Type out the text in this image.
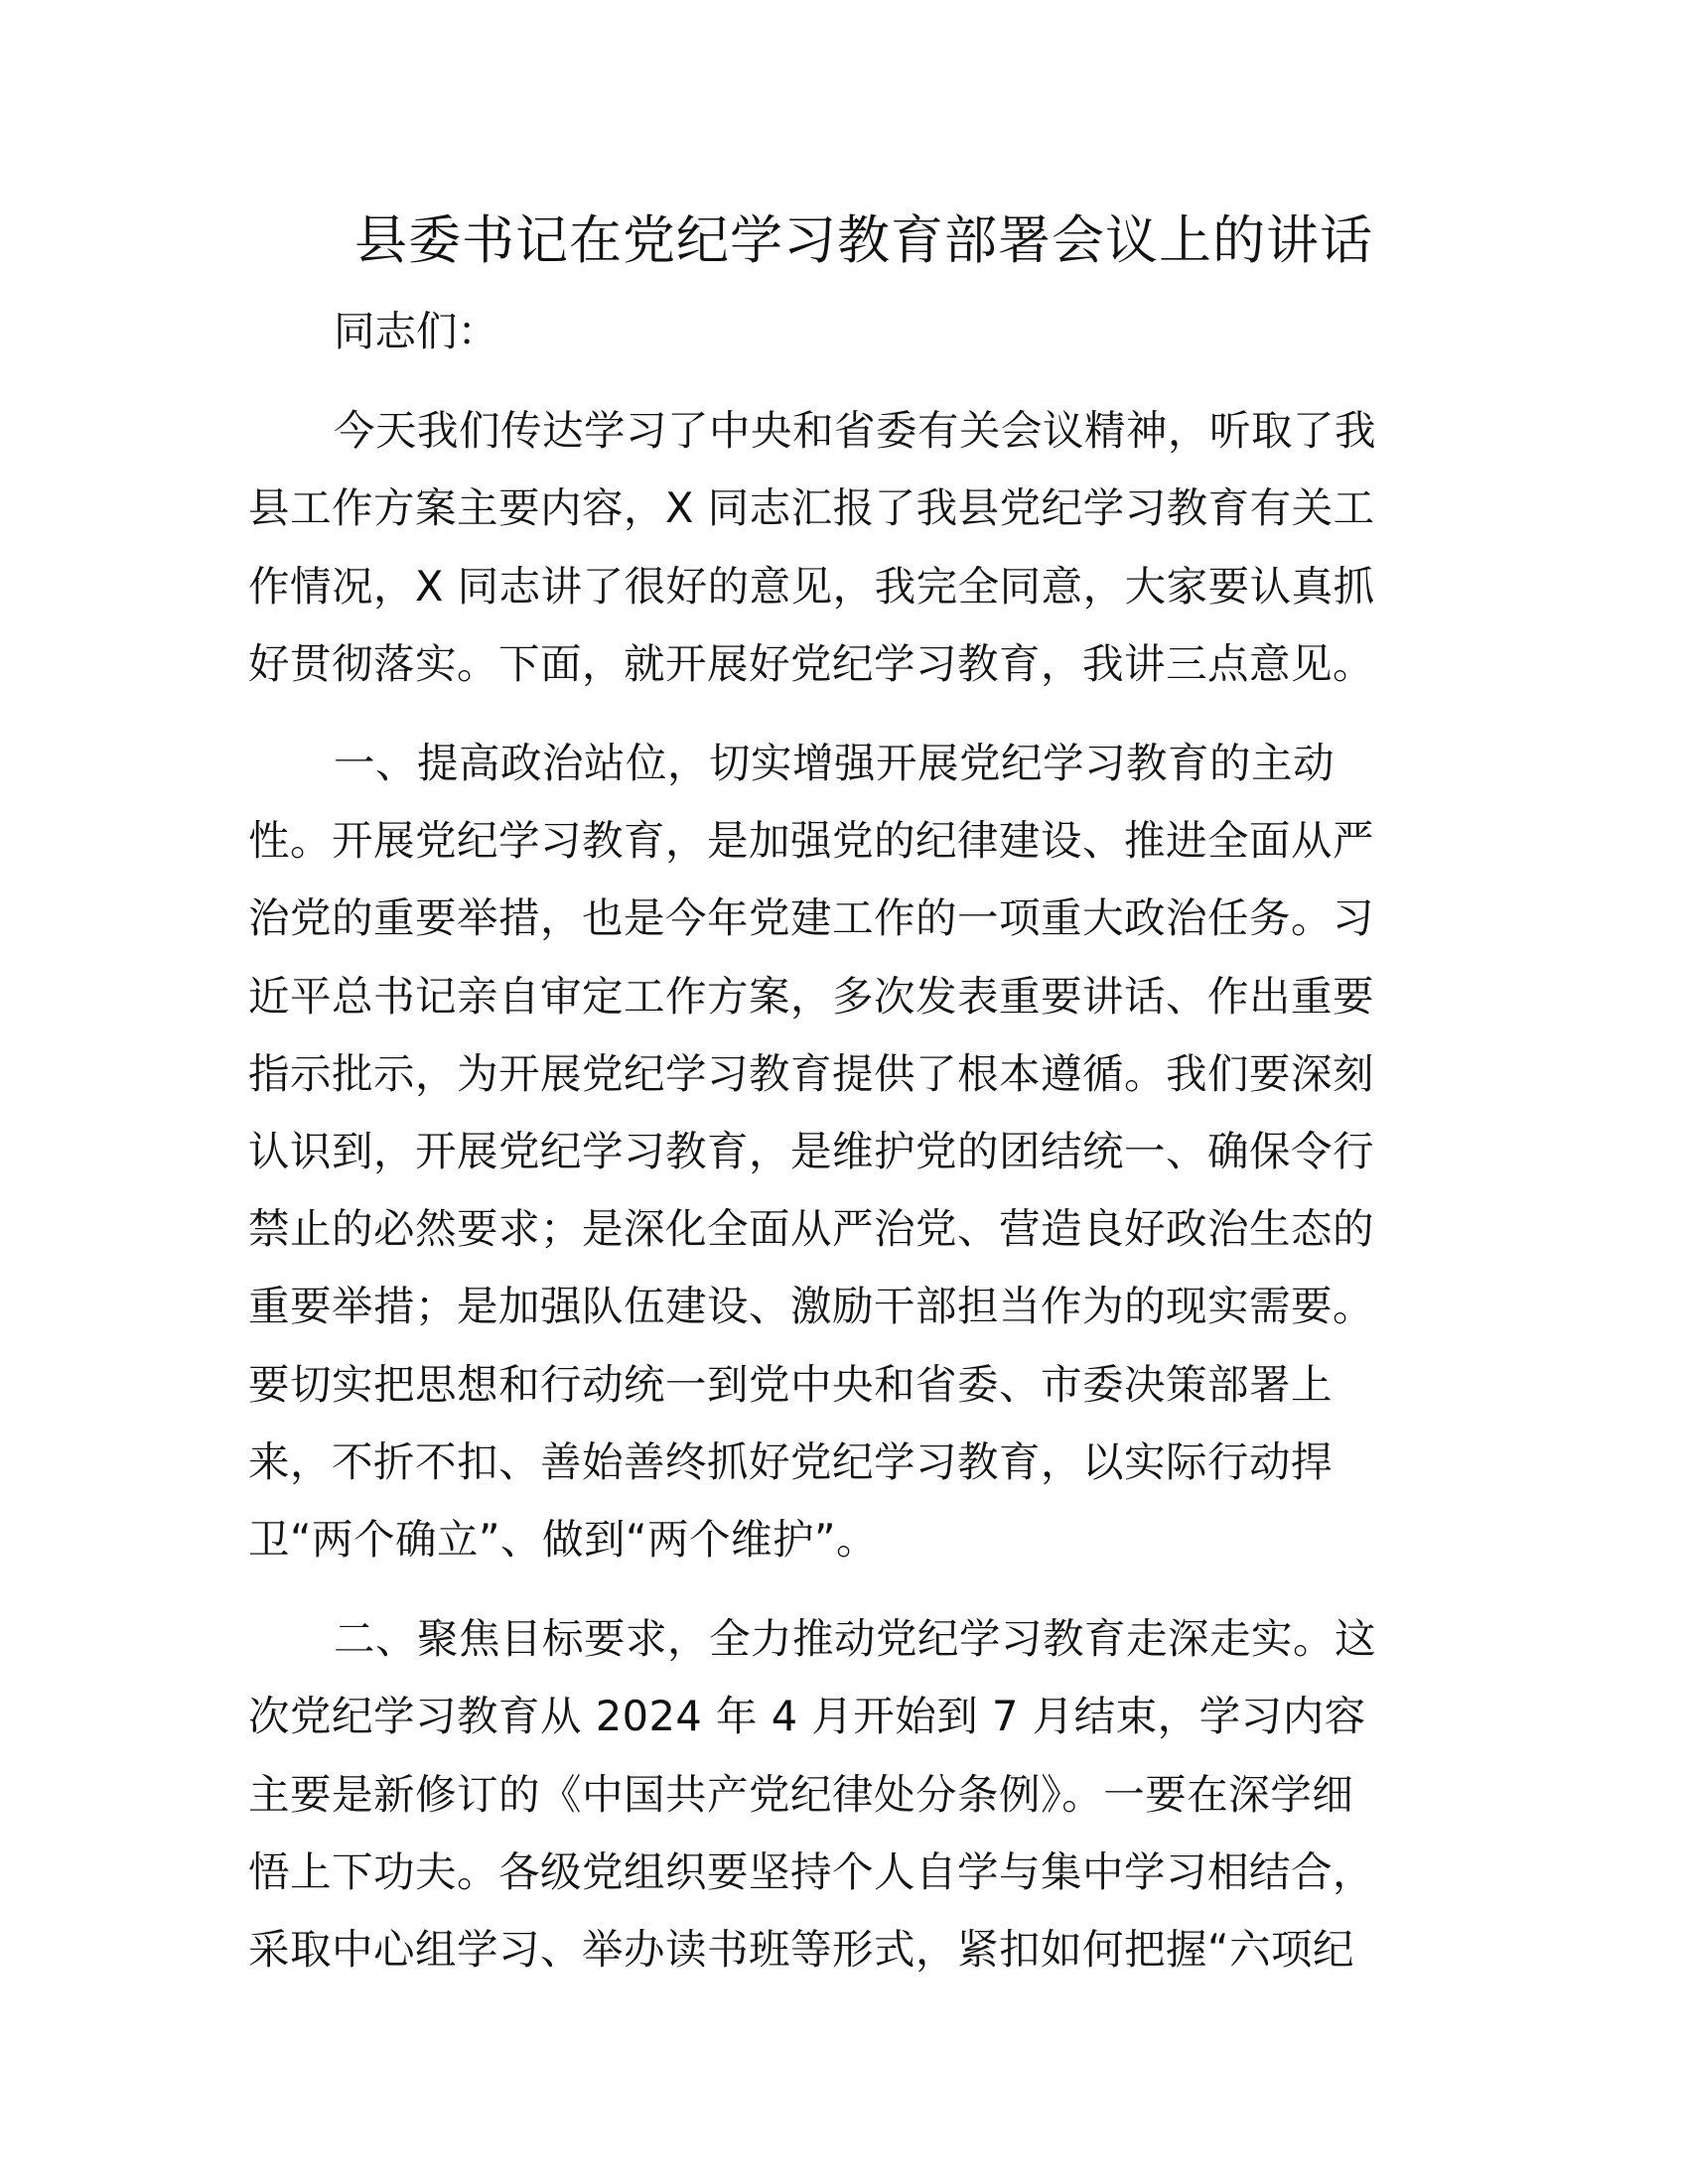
县委书记在党纪学习教育部署会议上的讲话

同志们：

今天我们传达学习了中央和省委有关会议精神，听取了我
县工作方案主要内容，X 同志汇报了我县党纪学习教育有关工
作情况，X 同志讲了很好的意见，我完全同意，大家要认真抓
好贯彻落实。下面，就开展好党纪学习教育，我讲三点意见。

一、提高政治站位，切实增强开展党纪学习教育的主动
性。开展党纪学习教育，是加强党的纪律建设、推进全面从严
治党的重要举措，也是今年党建工作的一项重大政治任务。习
近平总书记亲自审定工作方案，多次发表重要讲话、作出重要
指示批示，为开展党纪学习教育提供了根本遵循。我们要深刻
认识到，开展党纪学习教育，是维护党的团结统一、确保令行
禁止的必然要求；是深化全面从严治党、营造良好政治生态的
重要举措；是加强队伍建设、激励干部担当作为的现实需要。
要切实把思想和行动统一到党中央和省委、市委决策部署上
来，不折不扣、善始善终抓好党纪学习教育，以实际行动捍
卫“两个确立”、做到“两个维护”。

二、聚焦目标要求，全力推动党纪学习教育走深走实。这
次党纪学习教育从 2024 年 4 月开始到 7 月结束，学习内容
主要是新修订的《中国共产党纪律处分条例》。一要在深学细
悟上下功夫。各级党组织要坚持个人自学与集中学习相结合，
采取中心组学习、举办读书班等形式，紧扣如何把握“六项纪
